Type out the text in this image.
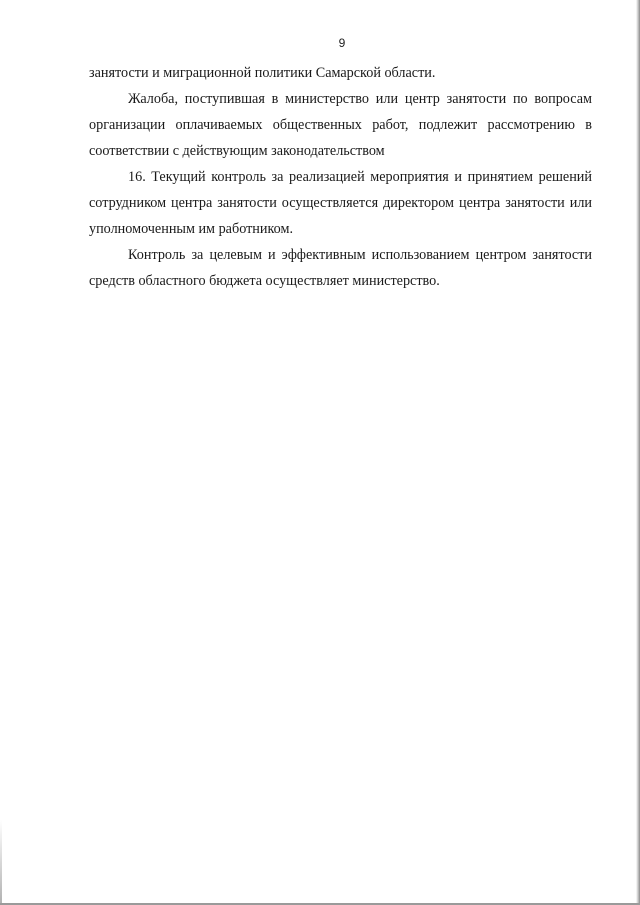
9

занятости и миграционной политики Самарской области.

Жалоба, поступившая в министерство или центр занятости по вопросам организации оплачиваемых общественных работ, подлежит рассмотрению в соответствии с действующим законодательством

16. Текущий контроль за реализацией мероприятия и принятием решений сотрудником центра занятости осуществляется директором центра занятости или уполномоченным им работником.

Контроль за целевым и эффективным использованием центром занятости средств областного бюджета осуществляет министерство.
